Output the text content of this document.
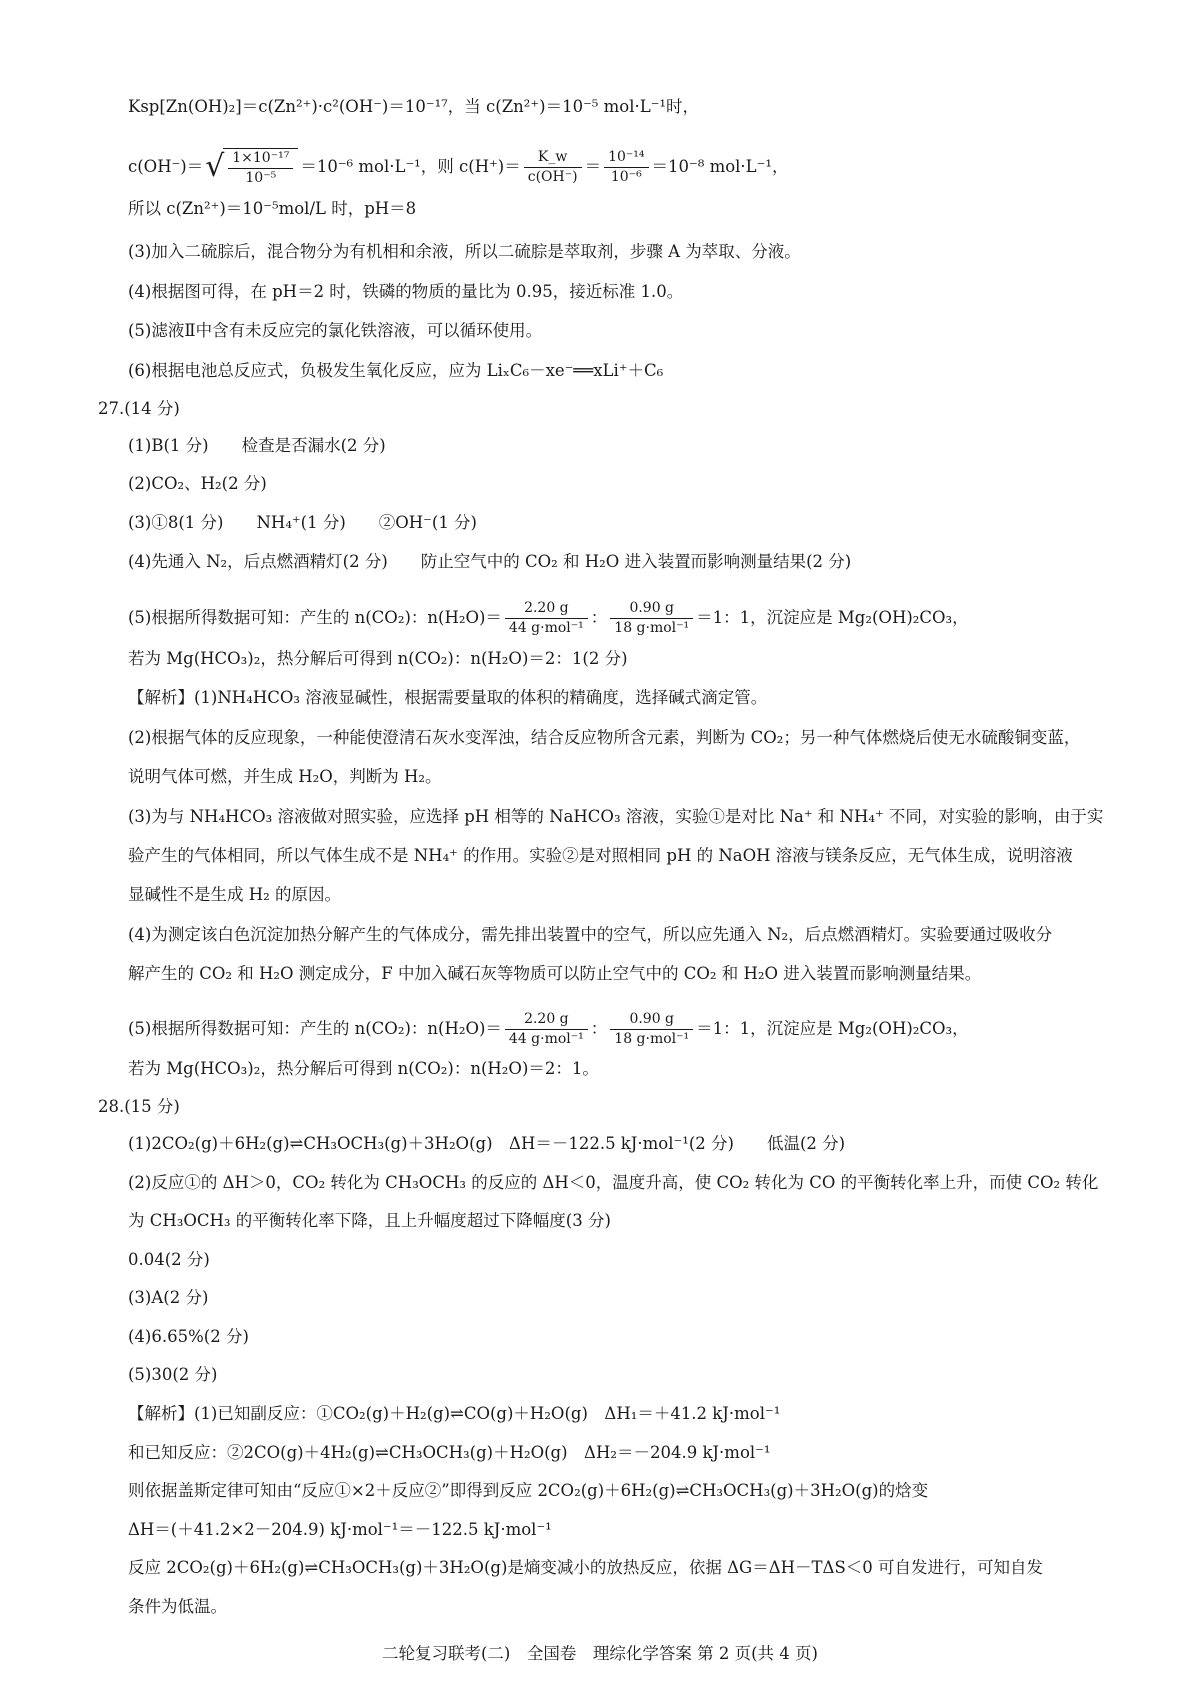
Ksp[Zn(OH)₂]＝c(Zn²⁺)·c²(OH⁻)＝10⁻¹⁷，当 c(Zn²⁺)＝10⁻⁵ mol·L⁻¹时，
c(OH⁻)＝ √ $\frac{\text{1×10⁻¹⁷}}{\text{10⁻⁵}} =10^{-6}$ mol·L⁻¹，则 $c(H^+)= \frac{K\_w}{c(OH^-)} = \frac{\text{10⁻¹⁴}}{\text{10⁻⁶}} =10^{-8}$ mol·L⁻¹，
所以 c(Zn²⁺)＝10⁻⁵mol/L 时，pH＝8
(3)加入二硫腙后，混合物分为有机相和余液，所以二硫腙是萃取剂，步骤 A 为萃取、分液。
(4)根据图可得，在 pH＝2 时，铁磷的物质的量比为 0.95，接近标准 1.0。
(5)滤液Ⅱ中含有未反应完的氯化铁溶液，可以循环使用。
(6)根据电池总反应式，负极发生氧化反应，应为 LiₓC₆－xe⁻══xLi⁺＋C₆
27.(14 分)
(1)B(1 分)　　检查是否漏水(2 分)
(2)CO₂、H₂(2 分)
(3)①8(1 分)　　NH₄⁺(1 分)　　②OH⁻(1 分)
(4)先通入 N₂，后点燃酒精灯(2 分)　　防止空气中的 CO₂ 和 H₂O 进入装置而影响测量结果(2 分)
(5)根据所得数据可知：产生的 n(CO₂)：$n(H_2O)= \frac{2.20 g}{\text{44 g·mol⁻¹}}$ ： $\frac{0.90 g}{\text{18 g·mol⁻¹}} =1$：1，沉淀应是 Mg₂(OH)₂CO₃，
若为 Mg(HCO₃)₂，热分解后可得到 n(CO₂)：n(H₂O)＝2：1(2 分)
【解析】(1)NH₄HCO₃ 溶液显碱性，根据需要量取的体积的精确度，选择碱式滴定管。
(2)根据气体的反应现象，一种能使澄清石灰水变浑浊，结合反应物所含元素，判断为 CO₂；另一种气体燃烧后使无水硫酸铜变蓝，
说明气体可燃，并生成 H₂O，判断为 H₂。
(3)为与 NH₄HCO₃ 溶液做对照实验，应选择 pH 相等的 NaHCO₃ 溶液，实验①是对比 Na⁺ 和 NH₄⁺ 不同，对实验的影响，由于实
验产生的气体相同，所以气体生成不是 NH₄⁺ 的作用。实验②是对照相同 pH 的 NaOH 溶液与镁条反应，无气体生成，说明溶液
显碱性不是生成 H₂ 的原因。
(4)为测定该白色沉淀加热分解产生的气体成分，需先排出装置中的空气，所以应先通入 N₂，后点燃酒精灯。实验要通过吸收分
解产生的 CO₂ 和 H₂O 测定成分，F 中加入碱石灰等物质可以防止空气中的 CO₂ 和 H₂O 进入装置而影响测量结果。
(5)根据所得数据可知：产生的 n(CO₂)：$n(H_2O)= \frac{2.20 g}{\text{44 g·mol⁻¹}}$ ： $\frac{0.90 g}{\text{18 g·mol⁻¹}} =1$：1，沉淀应是 Mg₂(OH)₂CO₃，
若为 Mg(HCO₃)₂，热分解后可得到 n(CO₂)：n(H₂O)＝2：1。
28.(15 分)
(1)2CO₂(g)＋6H₂(g)⇌CH₃OCH₃(g)＋3H₂O(g)　ΔH＝－122.5 kJ·mol⁻¹(2 分)　　低温(2 分)
(2)反应①的 ΔH＞0，CO₂ 转化为 CH₃OCH₃ 的反应的 ΔH＜0，温度升高，使 CO₂ 转化为 CO 的平衡转化率上升，而使 CO₂ 转化
为 CH₃OCH₃ 的平衡转化率下降，且上升幅度超过下降幅度(3 分)
0.04(2 分)
(3)A(2 分)
(4)6.65%(2 分)
(5)30(2 分)
【解析】(1)已知副反应：①CO₂(g)＋H₂(g)⇌CO(g)＋H₂O(g)　ΔH₁＝＋41.2 kJ·mol⁻¹
和已知反应：②2CO(g)＋4H₂(g)⇌CH₃OCH₃(g)＋H₂O(g)　ΔH₂＝－204.9 kJ·mol⁻¹
则依据盖斯定律可知由“反应①×2＋反应②”即得到反应 2CO₂(g)＋6H₂(g)⇌CH₃OCH₃(g)＋3H₂O(g)的焓变
ΔH＝(＋41.2×2－204.9) kJ·mol⁻¹＝－122.5 kJ·mol⁻¹
反应 2CO₂(g)＋6H₂(g)⇌CH₃OCH₃(g)＋3H₂O(g)是熵变减小的放热反应，依据 ΔG＝ΔH－TΔS＜0 可自发进行，可知自发
条件为低温。
二轮复习联考(二)　全国卷　理综化学答案 第 2 页(共 4 页)
